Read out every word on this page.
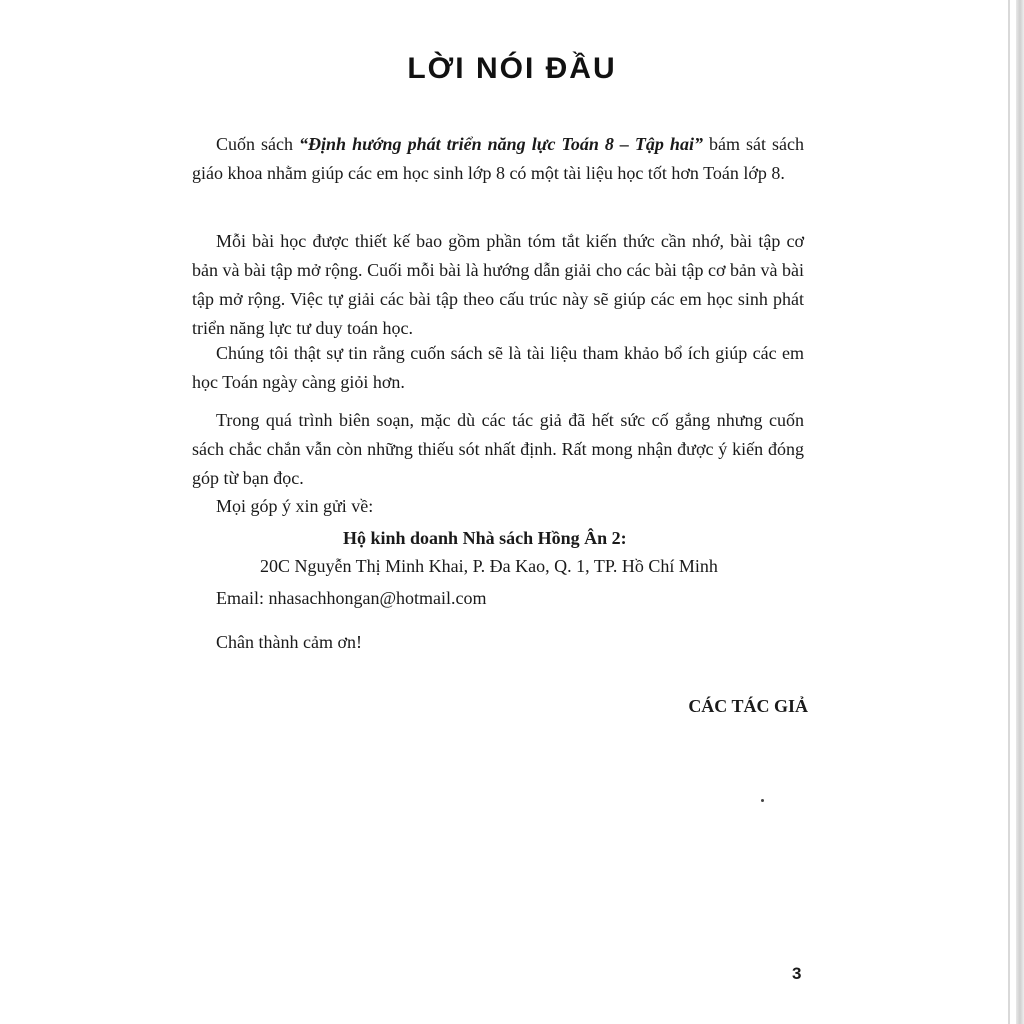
LỜI NÓI ĐẦU

Cuốn sách “Định hướng phát triển năng lực Toán 8 – Tập hai” bám sát sách giáo khoa nhằm giúp các em học sinh lớp 8 có một tài liệu học tốt hơn Toán lớp 8.

Mỗi bài học được thiết kế bao gồm phần tóm tắt kiến thức cần nhớ, bài tập cơ bản và bài tập mở rộng. Cuối mỗi bài là hướng dẫn giải cho các bài tập cơ bản và bài tập mở rộng. Việc tự giải các bài tập theo cấu trúc này sẽ giúp các em học sinh phát triển năng lực tư duy toán học.

Chúng tôi thật sự tin rằng cuốn sách sẽ là tài liệu tham khảo bổ ích giúp các em học Toán ngày càng giỏi hơn.

Trong quá trình biên soạn, mặc dù các tác giả đã hết sức cố gắng nhưng cuốn sách chắc chắn vẫn còn những thiếu sót nhất định. Rất mong nhận được ý kiến đóng góp từ bạn đọc.

Mọi góp ý xin gửi về:

Hộ kinh doanh Nhà sách Hồng Ân 2:

20C Nguyễn Thị Minh Khai, P. Đa Kao, Q. 1, TP. Hồ Chí Minh

Email: nhasachhongan@hotmail.com

Chân thành cảm ơn!

CÁC TÁC GIẢ

3
